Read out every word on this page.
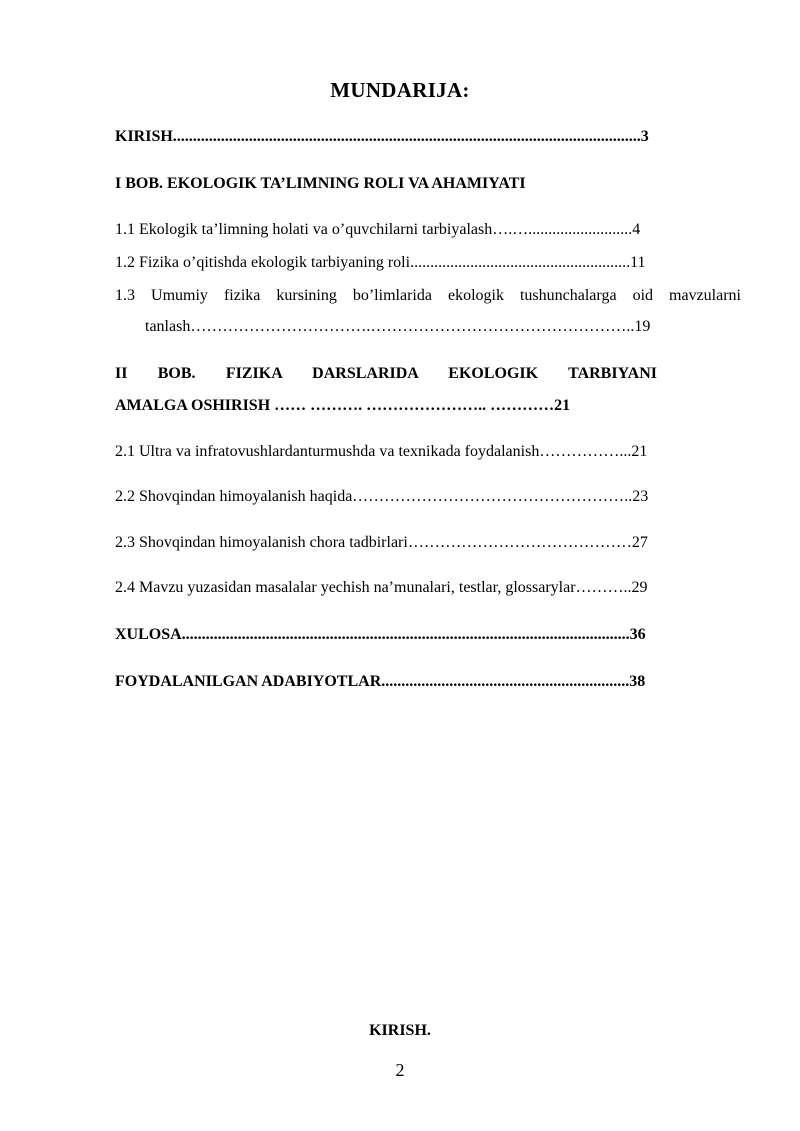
MUNDARIJA:
KIRISH.....................................................................................................................3
I BOB. EKOLOGIK TA’LIMNING ROLI VA AHAMIYATI
1.1 Ekologik ta’limning holati va o’quvchilarni tarbiyalash….…..........................4
1.2 Fizika o’qitishda ekologik tarbiyaning roli.......................................................11
1.3 Umumiy fizika kursining bo’limlarida ekologik tushunchalarga oid mavzularni
tanlash…………………………….…………………………………………..19
II BOB. FIZIKA DARSLARIDA EKOLOGIK TARBIYANI
AMALGA OSHIRISH …… ………. ………………….. …………21
2.1 Ultra va infratovushlardanturmushda va texnikada foydalanish……………...21
2.2 Shovqindan himoyalanish haqida……………………………………………..23
2.3 Shovqindan himoyalanish chora tadbirlari……………………………………27
2.4 Mavzu yuzasidan masalalar yechish na’munalari, testlar, glossarylar………..29
XULOSA................................................................................................................36
FOYDALANILGAN ADABIYOTLAR..............................................................38
KIRISH.
2
